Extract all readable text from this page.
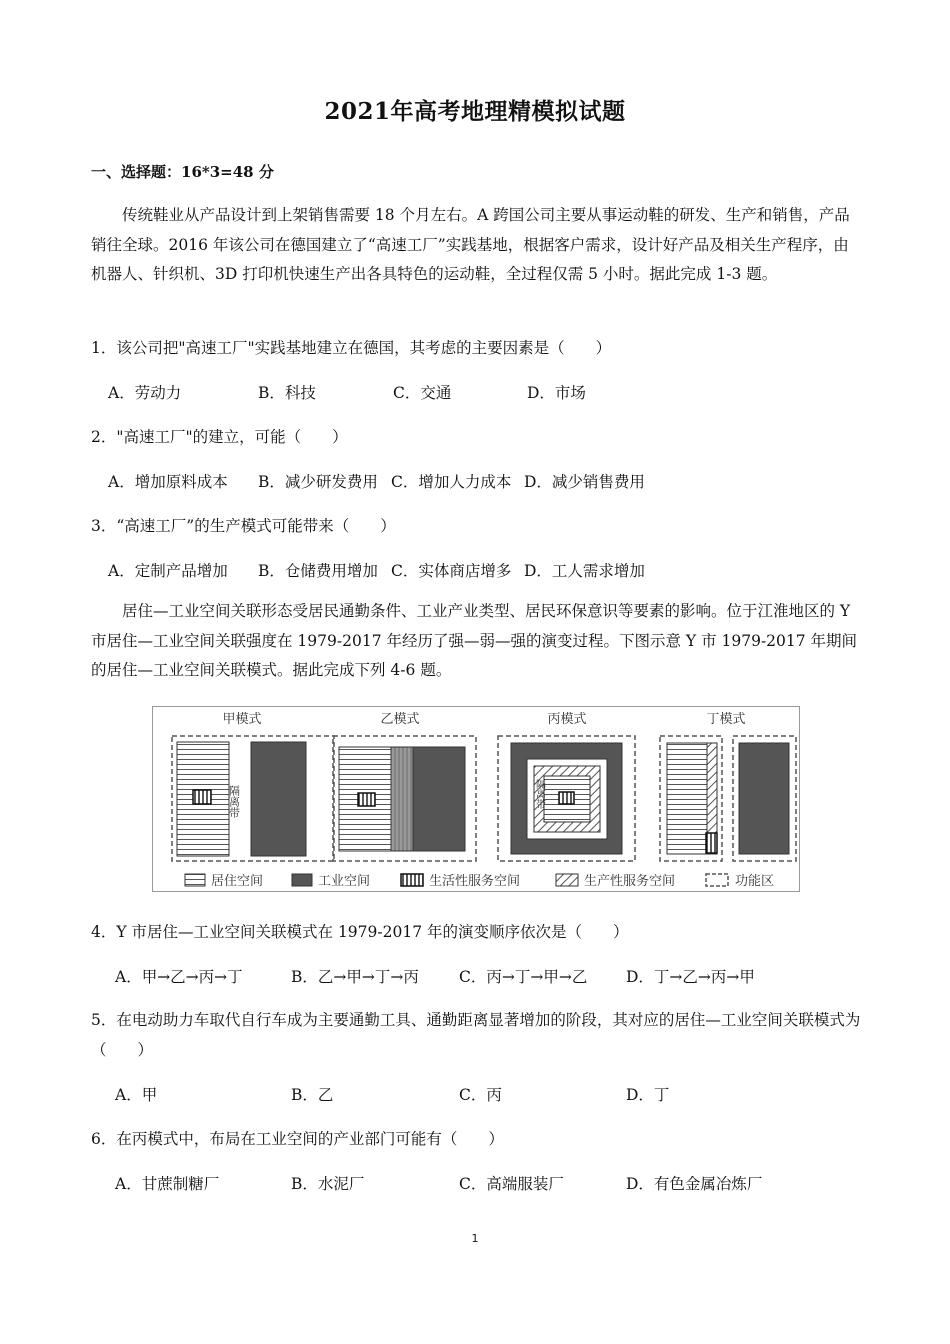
2021年高考地理精模拟试题
一、选择题：16*3=48 分
传统鞋业从产品设计到上架销售需要 18 个月左右。A 跨国公司主要从事运动鞋的研发、生产和销售，产品销往全球。2016 年该公司在德国建立了“高速工厂”实践基地，根据客户需求，设计好产品及相关生产程序，由机器人、针织机、3D 打印机快速生产出各具特色的运动鞋，全过程仅需 5 小时。据此完成 1-3 题。
1．该公司把"高速工厂"实践基地建立在德国，其考虑的主要因素是（　　）
A．劳动力	B．科技	C．交通	D．市场
2．"高速工厂"的建立，可能（　　）
A．增加原料成本 B．减少研发费用 C．增加人力成本 D．减少销售费用
3．“高速工厂”的生产模式可能带来（　　）
A．定制产品增加 B．仓储费用增加 C．实体商店增多 D．工人需求增加
居住—工业空间关联形态受居民通勤条件、工业产业类型、居民环保意识等要素的影响。位于江淮地区的 Y 市居住—工业空间关联强度在 1979-2017 年经历了强—弱—强的演变过程。下图示意 Y 市 1979-2017 年期间的居住—工业空间关联模式。据此完成下列 4-6 题。
甲模式	乙模式	丙模式	丁模式
隔离带	隔离带
居住空间	工业空间	生活性服务空间	生产性服务空间	功能区
4．Y 市居住—工业空间关联模式在 1979-2017 年的演变顺序依次是（　　）
A．甲→乙→丙→丁	B．乙→甲→丁→丙	C．丙→丁→甲→乙 D．丁→乙→丙→甲
5．在电动助力车取代自行车成为主要通勤工具、通勤距离显著增加的阶段，其对应的居住—工业空间关联模式为（　　）
A．甲	B．乙	C．丙	D．丁
6．在丙模式中，布局在工业空间的产业部门可能有（　　）
A．甘蔗制糖厂	B．水泥厂	C．高端服装厂	D．有色金属冶炼厂
1
